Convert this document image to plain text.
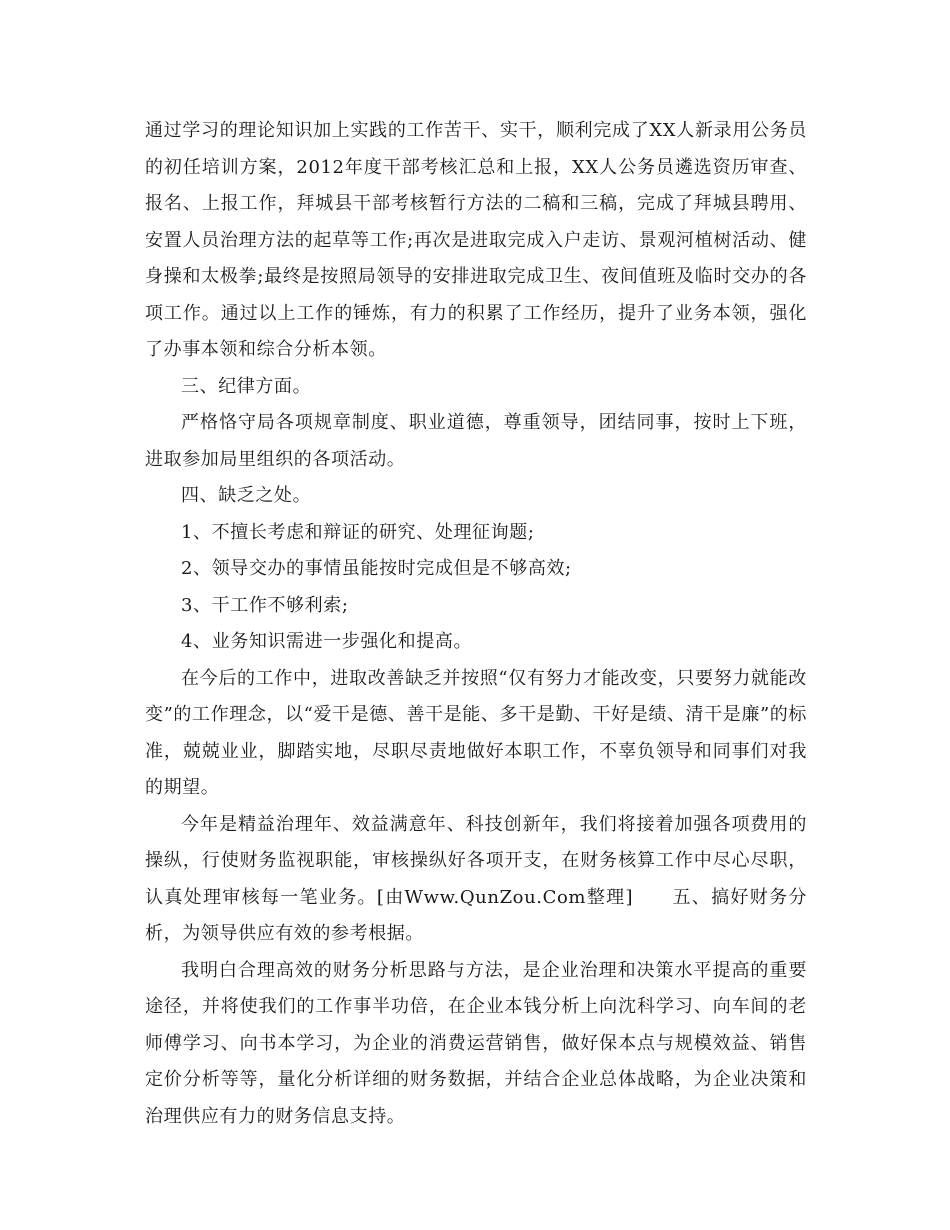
通过学习的理论知识加上实践的工作苦干、实干，顺利完成了XX人新录用公务员的初任培训方案，2012年度干部考核汇总和上报，XX人公务员遴选资历审查、报名、上报工作，拜城县干部考核暂行方法的二稿和三稿，完成了拜城县聘用、安置人员治理方法的起草等工作;再次是进取完成入户走访、景观河植树活动、健身操和太极拳;最终是按照局领导的安排进取完成卫生、夜间值班及临时交办的各项工作。通过以上工作的锤炼，有力的积累了工作经历，提升了业务本领，强化了办事本领和综合分析本领。

三、纪律方面。

严格恪守局各项规章制度、职业道德，尊重领导，团结同事，按时上下班，进取参加局里组织的各项活动。

四、缺乏之处。

1、不擅长考虑和辩证的研究、处理征询题;

2、领导交办的事情虽能按时完成但是不够高效;

3、干工作不够利索;

4、业务知识需进一步强化和提高。

在今后的工作中，进取改善缺乏并按照“仅有努力才能改变，只要努力就能改变”的工作理念，以“爱干是德、善干是能、多干是勤、干好是绩、清干是廉”的标准，兢兢业业，脚踏实地，尽职尽责地做好本职工作，不辜负领导和同事们对我的期望。

今年是精益治理年、效益满意年、科技创新年，我们将接着加强各项费用的操纵，行使财务监视职能，审核操纵好各项开支，在财务核算工作中尽心尽职，认真处理审核每一笔业务。[由Www.QunZou.Com整理]　　五、搞好财务分析，为领导供应有效的参考根据。

我明白合理高效的财务分析思路与方法，是企业治理和决策水平提高的重要途径，并将使我们的工作事半功倍，在企业本钱分析上向沈科学习、向车间的老师傅学习、向书本学习，为企业的消费运营销售，做好保本点与规模效益、销售定价分析等等，量化分析详细的财务数据，并结合企业总体战略，为企业决策和治理供应有力的财务信息支持。
